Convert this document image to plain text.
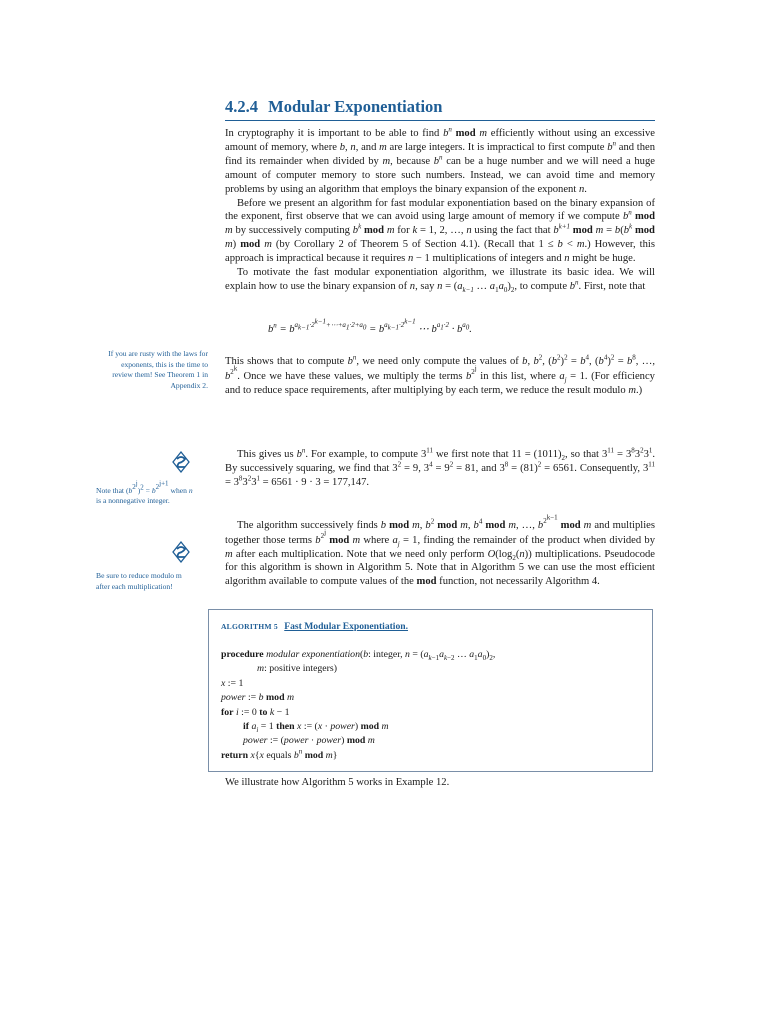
4.2.4 Modular Exponentiation

In cryptography it is important to be able to find $b^n$ mod m efficiently without using an excessive amount of memory, where b, n, and m are large integers. It is impractical to first compute $b^n$ and then find its remainder when divided by m, because $b^n$ can be a huge number and we will need a huge amount of computer memory to store such numbers. Instead, we can avoid time and memory problems by using an algorithm that employs the binary expansion of the exponent n.

Before we present an algorithm for fast modular exponentiation based on the binary expansion of the exponent, first observe that we can avoid using large amount of memory if we compute $b^n$ mod m by successively computing $b^k$ mod m for k = 1, 2, …, n using the fact that $b^{k+1}$ mod $m = b(b^k$ mod m) mod m (by Corollary 2 of Theorem 5 of Section 4.1). (Recall that 1 ≤ b < m.) However, this approach is impractical because it requires n − 1 multiplications of integers and n might be huge.

To motivate the fast modular exponentiation algorithm, we illustrate its basic idea. We will explain how to use the binary expansion of n, say $n = (a_{k-1}$ … $a_1a_0)_2$, to compute $b^n$. First, note that

$b^n = b^{a_{k-1}\cdot 2^{k-1}+\cdots+a_1\cdot 2+a_0} = b^{a_{k-1}\cdot 2^{k-1}}$ ⋯ $b^{a_1\cdot 2} \cdot b^{a_0}$.
If you are rusty with the laws for exponents, this is the time to review them! See Theorem 1 in Appendix 2.

This shows that to compute $b^n$, we need only compute the values of b, $b^2$, $(b^2)^2 = b^4$, $(b^4)^2 = b^8$, …, $b^{2^k}$. Once we have these values, we multiply the terms $b^{2^j}$ in this list, where $a_j = 1$. (For efficiency and to reduce space requirements, after multiplying by each term, we reduce the result modulo m.)

Note that $(b^{2^j})^2 = b^{2^{j+1}}$ when n is a nonnegative integer.

This gives us $b^n$. For example, to compute $3^{11}$ we first note that $11 = (1011)_2$, so that $3^{11} = 3^83^23^1$. By successively squaring, we find that $3^2 = 9$, $3^4 = 9^2 = 81$, and $3^8 = (81)^2 = 6561$. Consequently, $3^{11} = 3^83^23^1 = 6561 \cdot 9 \cdot 3 = 177,147$.

Be sure to reduce modulo m after each multiplication!

The algorithm successively finds b mod m, $b^2$ mod m, $b^4$ mod m, …, $b^{2^{k-1}}$ mod m and multiplies together those terms $b^{2^j}$ mod m where $a_j = 1$, finding the remainder of the product when divided by m after each multiplication. Note that we need only perform $O(\log_2(n))$ multiplications. Pseudocode for this algorithm is shown in Algorithm 5. Note that in Algorithm 5 we can use the most efficient algorithm available to compute values of the mod function, not necessarily Algorithm 4.

ALGORITHM 5 Fast Modular Exponentiation.
procedure modular exponentiation(b: integer, $n = (a_{k-1}a_{k-2}$ … $a_1a_0)_2$,
m: positive integers)
x := 1
power := b mod m
for i := 0 to k − 1
if $a_i = 1$ then x := (x · power) mod m
power := (power · power) mod m
return x{x equals $b^n$ mod m}
We illustrate how Algorithm 5 works in Example 12.
